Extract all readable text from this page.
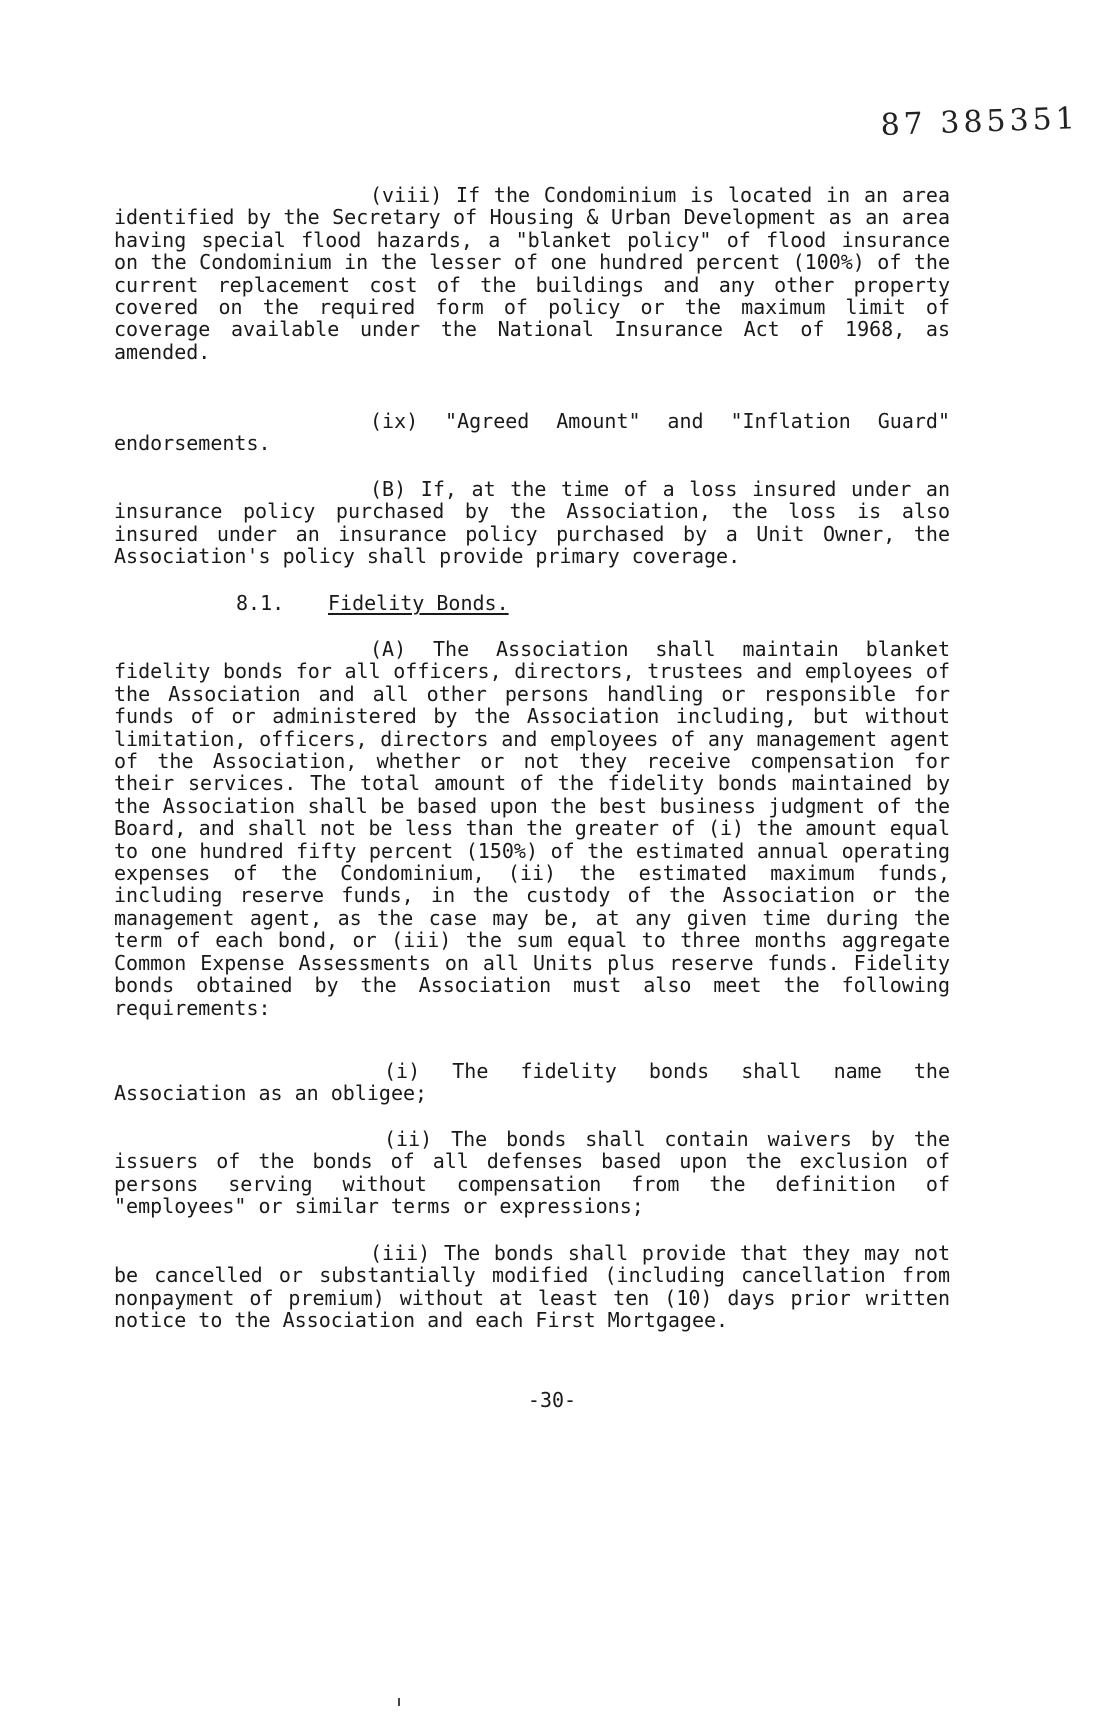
87 385351

(viii) If the Condominium is located in an area identified by the Secretary of Housing & Urban Development as an area having special flood hazards, a "blanket policy" of flood insurance on the Condominium in the lesser of one hundred percent (100%) of the current replacement cost of the buildings and any other property covered on the required form of policy or the maximum limit of coverage available under the National Insurance Act of 1968, as amended.

(ix) "Agreed Amount" and "Inflation Guard" endorsements.

(B) If, at the time of a loss insured under an insurance policy purchased by the Association, the loss is also insured under an insurance policy purchased by a Unit Owner, the Association's policy shall provide primary coverage.

8.1. Fidelity Bonds.

(A) The Association shall maintain blanket fidelity bonds for all officers, directors, trustees and employees of the Association and all other persons handling or responsible for funds of or administered by the Association including, but without limitation, officers, directors and employees of any management agent of the Association, whether or not they receive compensation for their services. The total amount of the fidelity bonds maintained by the Association shall be based upon the best business judgment of the Board, and shall not be less than the greater of (i) the amount equal to one hundred fifty percent (150%) of the estimated annual operating expenses of the Condominium, (ii) the estimated maximum funds, including reserve funds, in the custody of the Association or the management agent, as the case may be, at any given time during the term of each bond, or (iii) the sum equal to three months aggregate Common Expense Assessments on all Units plus reserve funds. Fidelity bonds obtained by the Association must also meet the following requirements:

(i) The fidelity bonds shall name the Association as an obligee;

(ii) The bonds shall contain waivers by the issuers of the bonds of all defenses based upon the exclusion of persons serving without compensation from the definition of "employees" or similar terms or expressions;

(iii) The bonds shall provide that they may not be cancelled or substantially modified (including cancellation from nonpayment of premium) without at least ten (10) days prior written notice to the Association and each First Mortgagee.

-30-
